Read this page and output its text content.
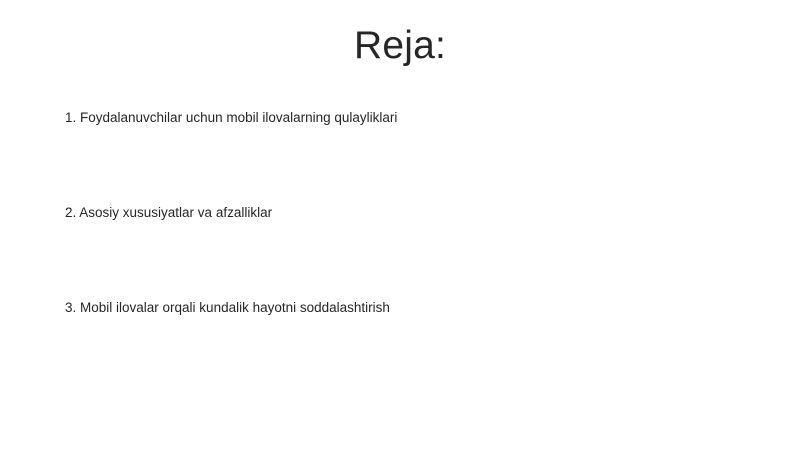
Reja:
1. Foydalanuvchilar uchun mobil ilovalarning qulayliklari
2. Asosiy xususiyatlar va afzalliklar
3. Mobil ilovalar orqali kundalik hayotni soddalashtirish
